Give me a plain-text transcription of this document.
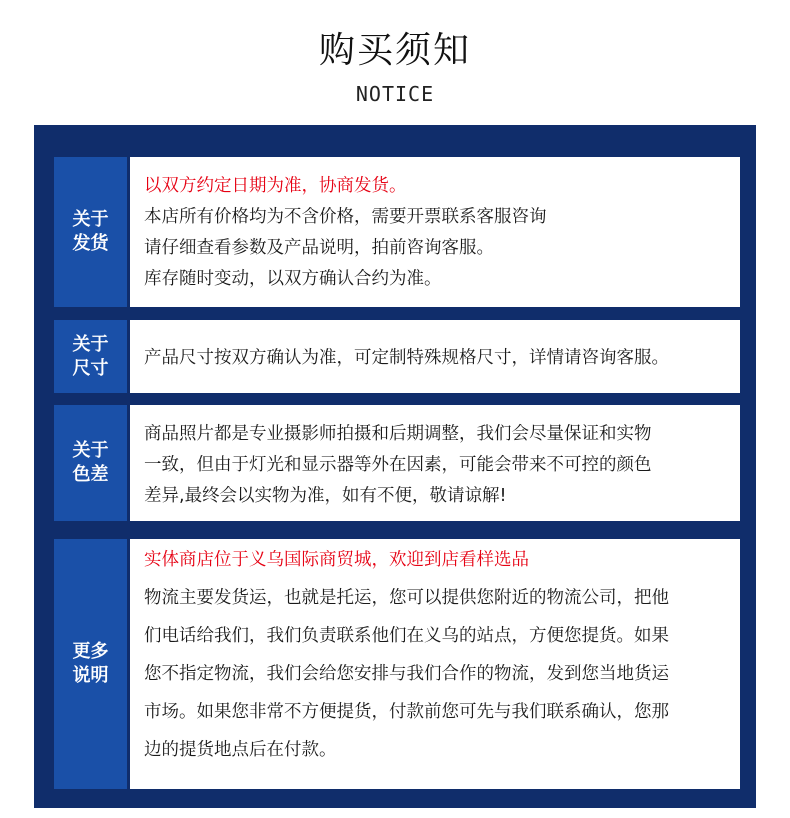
购买须知
NOTICE
关于
发货
以双方约定日期为准，协商发货。
本店所有价格均为不含价格，需要开票联系客服咨询
请仔细查看参数及产品说明，拍前咨询客服。
库存随时变动，以双方确认合约为准。
关于
尺寸 产品尺寸按双方确认为准，可定制特殊规格尺寸，详情请咨询客服。
关于
色差
商品照片都是专业摄影师拍摄和后期调整，我们会尽量保证和实物
一致，但由于灯光和显示器等外在因素，可能会带来不可控的颜色
差异,最终会以实物为准，如有不便，敬请谅解!
更多
说明
实体商店位于义乌国际商贸城，欢迎到店看样选品
物流主要发货运，也就是托运，您可以提供您附近的物流公司，把他
们电话给我们，我们负责联系他们在义乌的站点，方便您提货。如果
您不指定物流，我们会给您安排与我们合作的物流，发到您当地货运
市场。如果您非常不方便提货，付款前您可先与我们联系确认，您那
边的提货地点后在付款。
